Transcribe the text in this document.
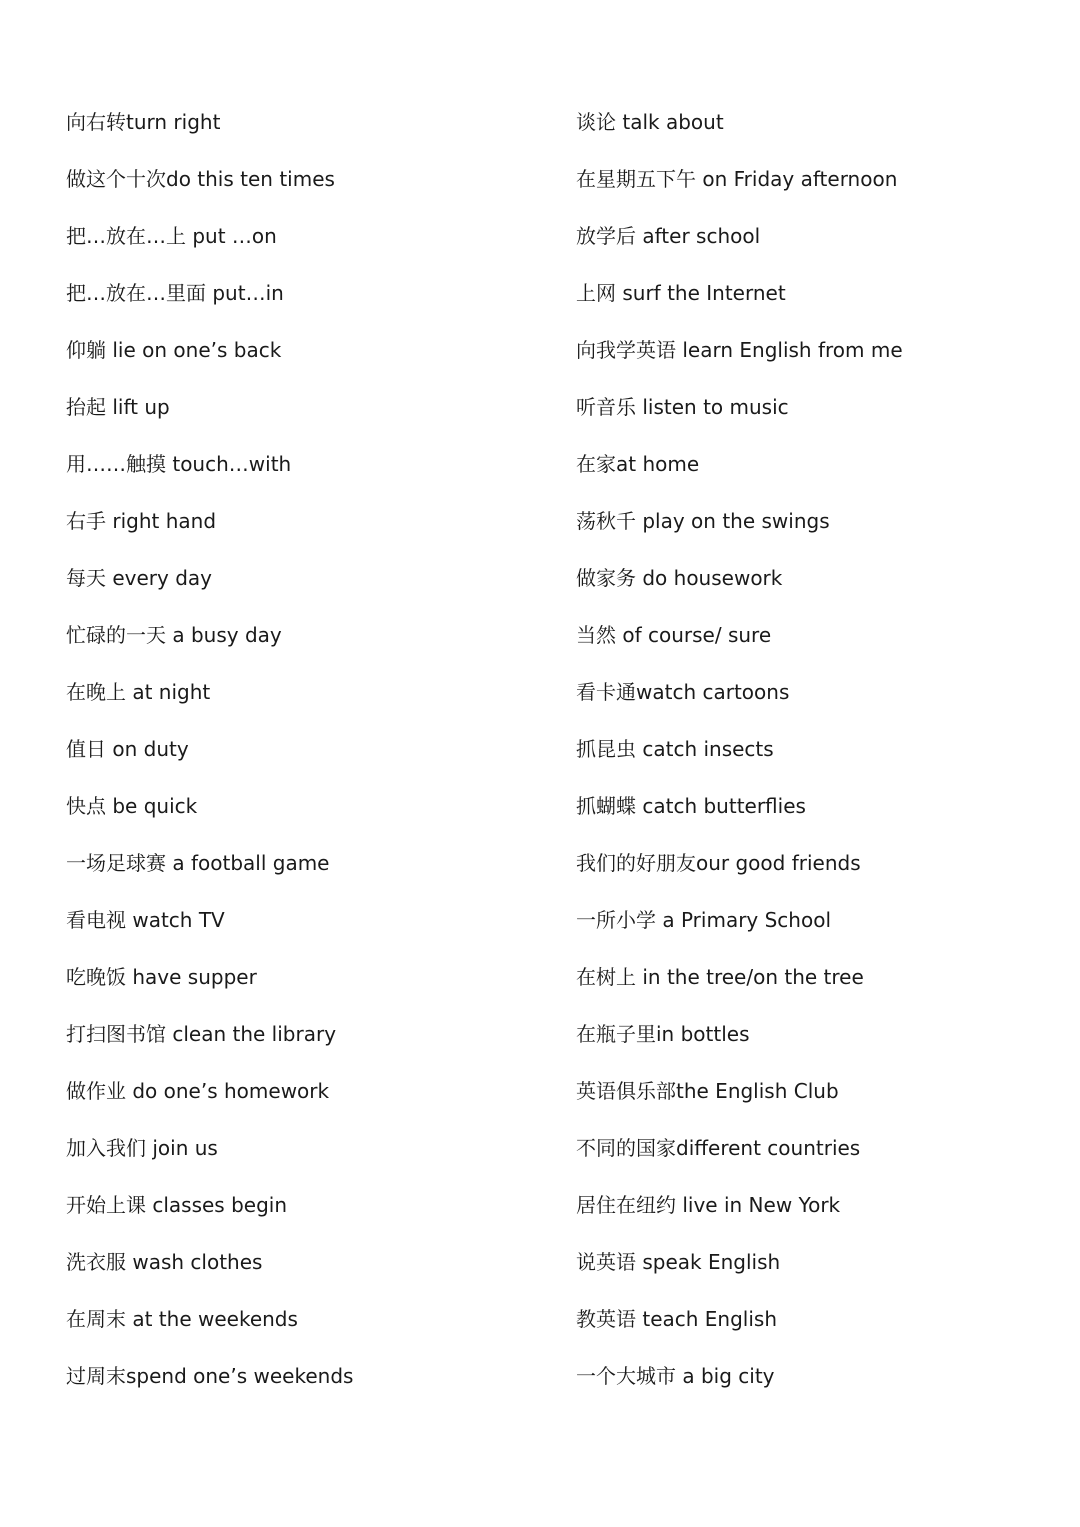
向右转turn right
做这个十次do this ten times
把…放在…上 put …on
把…放在…里面 put…in
仰躺 lie on one’s back
抬起 lift up
用……触摸 touch…with
右手 right hand
每天 every day
忙碌的一天 a busy day
在晚上 at night
值日 on duty
快点 be quick
一场足球赛 a football game
看电视 watch TV
吃晚饭 have supper
打扫图书馆 clean the library
做作业 do one’s homework
加入我们 join us
开始上课 classes begin
洗衣服 wash clothes
在周末 at the weekends
过周末spend one’s weekends
谈论 talk about
在星期五下午 on Friday afternoon
放学后 after school
上网 surf the Internet
向我学英语 learn English from me
听音乐 listen to music
在家at home
荡秋千 play on the swings
做家务 do housework
当然 of course/ sure
看卡通watch cartoons
抓昆虫 catch insects
抓蝴蝶 catch butterflies
我们的好朋友our good friends
一所小学 a Primary School
在树上 in the tree/on the tree
在瓶子里in bottles
英语俱乐部the English Club
不同的国家different countries
居住在纽约 live in New York
说英语 speak English
教英语 teach English
一个大城市 a big city
